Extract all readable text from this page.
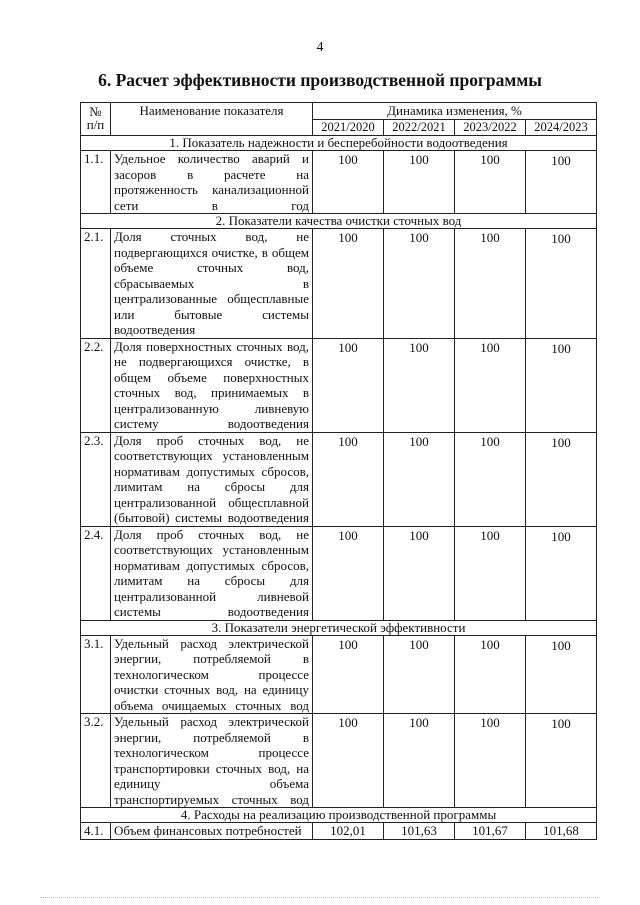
4
6. Расчет эффективности производственной программы
№
п/п	Наименование показателя	Динамика изменения, %			
		2021/2020	2022/2021	2023/2022	2024/2023
1. Показатель надежности и бесперебойности водоотведения					
1.1.	Удельное количество аварий и засоров в расчете на протяженность канализационной сети в год	100	100	100	100

2. Показатели качества очистки сточных вод					
2.1.	Доля сточных вод, не подвергающихся очистке, в общем объеме сточных вод, сбрасываемых в централизованные общесплавные или бытовые системы водоотведения	100	100	100	100

2.2.	Доля поверхностных сточных вод, не подвергающихся очистке, в общем объеме поверхностных сточных вод, принимаемых в централизованную ливневую систему водоотведения	100	100	100	100

2.3.	Доля проб сточных вод, не соответствующих установленным нормативам допустимых сбросов, лимитам на сбросы для централизованной общесплавной (бытовой) системы водоотведения	100	100	100	100

2.4.	Доля проб сточных вод, не соответствующих установленным нормативам допустимых сбросов, лимитам на сбросы для централизованной ливневой системы водоотведения	100	100	100	100

3. Показатели энергетической эффективности					
3.1.	Удельный расход электрической энергии, потребляемой в технологическом процессе очистки сточных вод, на единицу объема очищаемых сточных вод	100	100	100	100

3.2.	Удельный расход электрической энергии, потребляемой в технологическом процессе транспортировки сточных вод, на единицу объема транспортируемых сточных вод	100	100	100	100

4. Расходы на реализацию производственной программы					
4.1.	Объем финансовых потребностей	102,01	101,63	101,67	101,68
